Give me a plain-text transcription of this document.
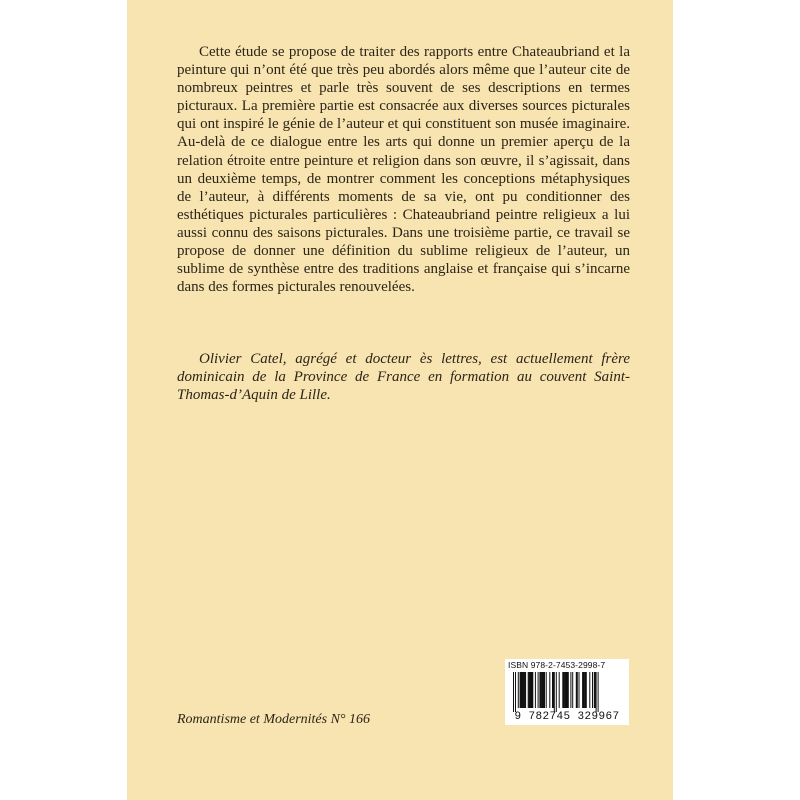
Cette étude se propose de traiter des rapports entre Chateaubriand et la peinture qui n’ont été que très peu abordés alors même que l’auteur cite de nombreux peintres et parle très souvent de ses descriptions en termes picturaux. La première partie est consacrée aux diverses sources picturales qui ont inspiré le génie de l’auteur et qui constituent son musée imaginaire. Au-delà de ce dialogue entre les arts qui donne un premier aperçu de la relation étroite entre peinture et religion dans son œuvre, il s’agissait, dans un deuxième temps, de montrer comment les conceptions métaphysiques de l’auteur, à différents moments de sa vie, ont pu conditionner des esthétiques picturales particulières : Chateaubriand peintre religieux a lui aussi connu des saisons picturales. Dans une troisième partie, ce travail se propose de donner une définition du sublime religieux de l’auteur, un sublime de synthèse entre des traditions anglaise et française qui s’incarne dans des formes picturales renouvelées.

Olivier Catel, agrégé et docteur ès lettres, est actuellement frère dominicain de la Province de France en formation au couvent Saint-Thomas-d’Aquin de Lille.

Romantisme et Modernités N° 166
ISBN 978-2-7453-2998-7
9 782745 329967
